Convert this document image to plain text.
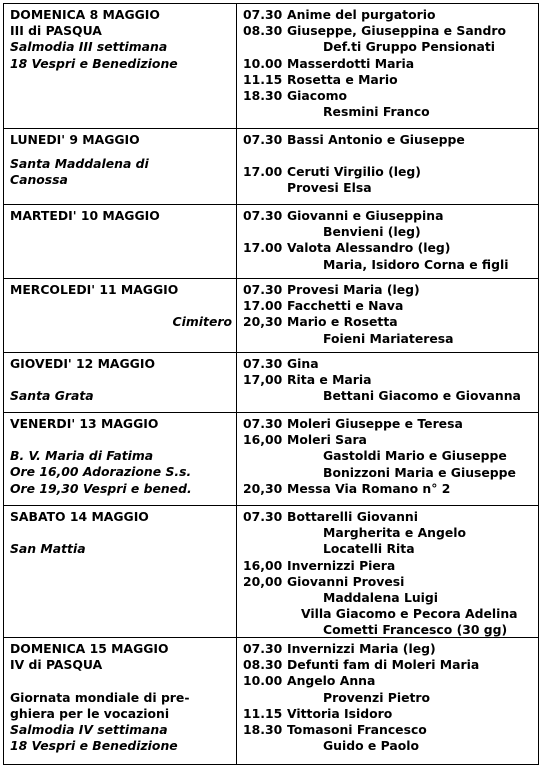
DOMENICA 8 MAGGIO
III di PASQUA
Salmodia III settimana
18 Vespri e Benedizione
07.30 Anime del purgatorio
08.30 Giuseppe, Giuseppina e Sandro
Def.ti Gruppo Pensionati
10.00 Masserdotti Maria
11.15 Rosetta e Mario
18.30 Giacomo
Resmini Franco
LUNEDI' 9 MAGGIO
Santa Maddalena di
Canossa
07.30 Bassi Antonio e Giuseppe
17.00 Ceruti Virgilio (leg)
Provesi Elsa
MARTEDI' 10 MAGGIO	07.30 Giovanni e Giuseppina
Benvieni (leg)
17.00 Valota Alessandro (leg)
Maria, Isidoro Corna e figli
MERCOLEDI' 11 MAGGIO
Cimitero
07.30 Provesi Maria (leg)
17.00 Facchetti e Nava
20,30 Mario e Rosetta
Foieni Mariateresa
GIOVEDI' 12 MAGGIO
Santa Grata
07.30 Gina
17,00 Rita e Maria
Bettani Giacomo e Giovanna
VENERDI' 13 MAGGIO
B. V. Maria di Fatima
Ore 16,00 Adorazione S.s.
Ore 19,30 Vespri e bened.
07.30 Moleri Giuseppe e Teresa
16,00 Moleri Sara
Gastoldi Mario e Giuseppe
Bonizzoni Maria e Giuseppe
20,30 Messa Via Romano n° 2
SABATO 14 MAGGIO
San Mattia
07.30 Bottarelli Giovanni
Margherita e Angelo
Locatelli Rita
16,00 Invernizzi Piera
20,00 Giovanni Provesi
Maddalena Luigi
Villa Giacomo e Pecora Adelina
Cometti Francesco (30 gg)
DOMENICA 15 MAGGIO
IV di PASQUA
Giornata mondiale di pre-
ghiera per le vocazioni
Salmodia IV settimana
18 Vespri e Benedizione
07.30 Invernizzi Maria (leg)
08.30 Defunti fam di Moleri Maria
10.00 Angelo Anna
Provenzi Pietro
11.15 Vittoria Isidoro
18.30 Tomasoni Francesco
Guido e Paolo
